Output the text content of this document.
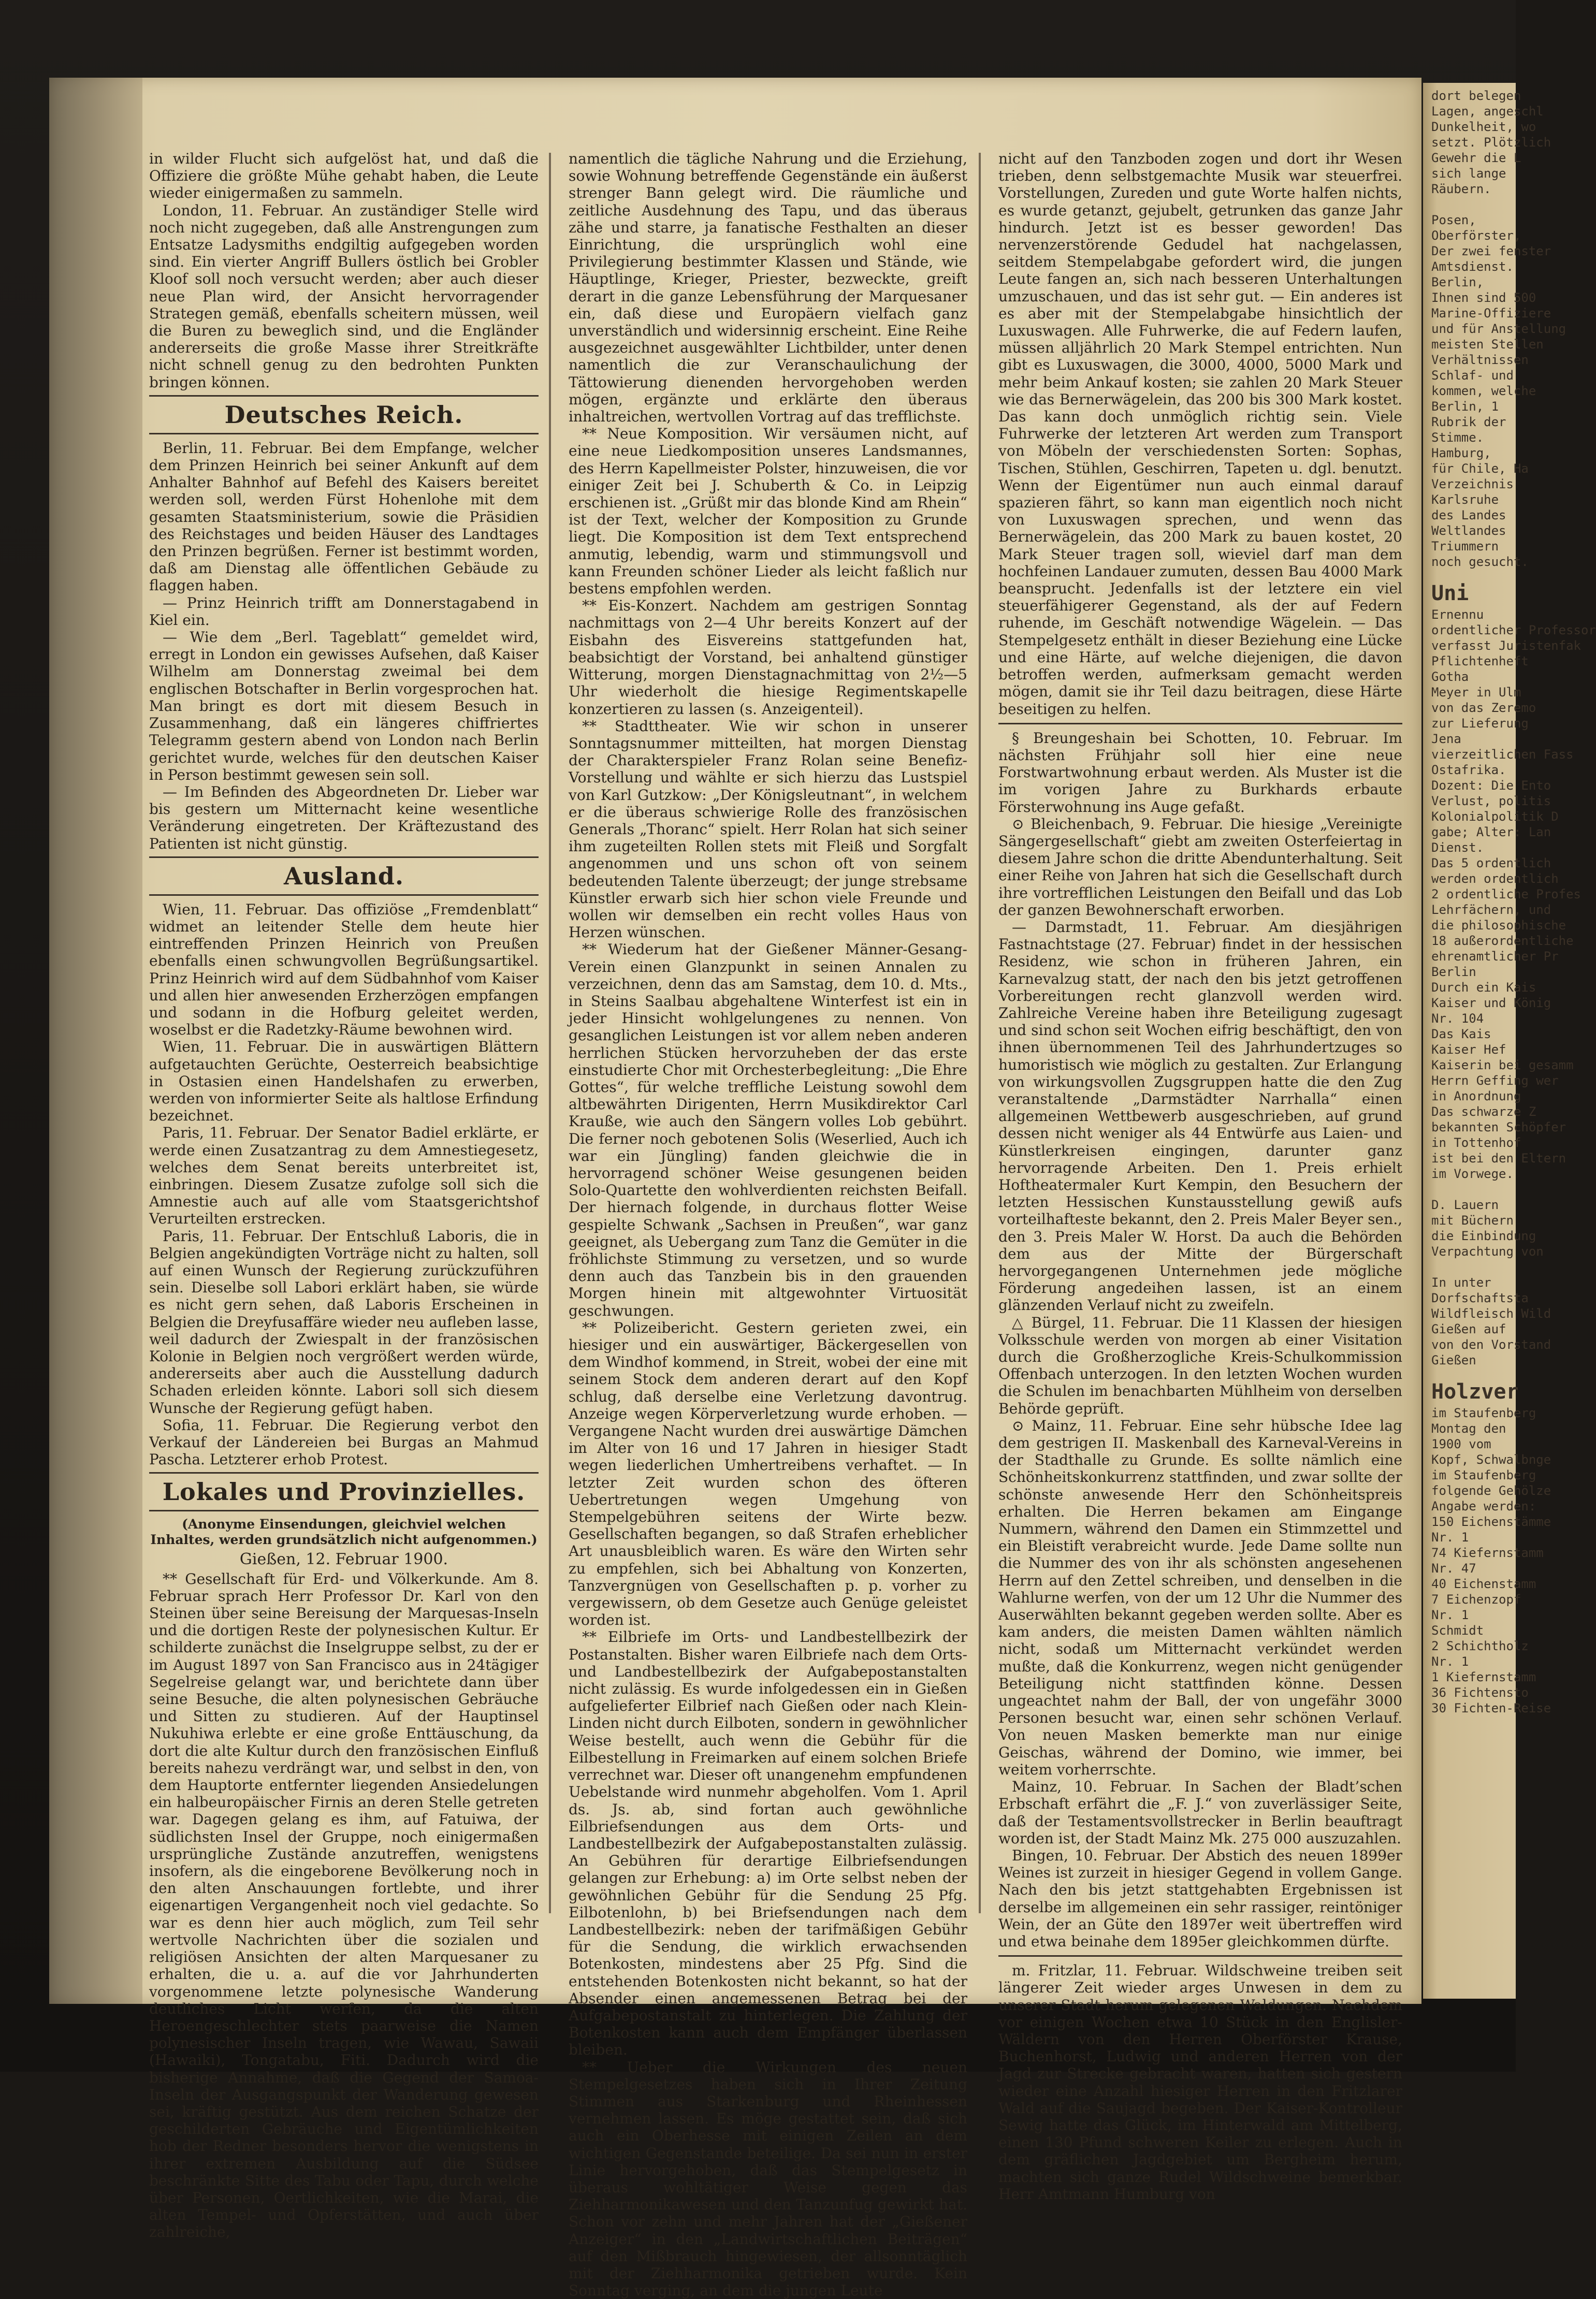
in wilder Flucht sich aufgelöst hat, und daß die Offiziere die größte Mühe gehabt haben, die Leute wieder einigermaßen zu sammeln.

London, 11. Februar. An zuständiger Stelle wird noch nicht zugegeben, daß alle Anstrengungen zum Entsatze Ladysmiths endgiltig aufgegeben worden sind. Ein vierter Angriff Bullers östlich bei Grobler Kloof soll noch versucht werden; aber auch dieser neue Plan wird, der Ansicht hervorragender Strategen gemäß, ebenfalls scheitern müssen, weil die Buren zu beweglich sind, und die Engländer andererseits die große Masse ihrer Streitkräfte nicht schnell genug zu den bedrohten Punkten bringen können.

Deutsches Reich.

Berlin, 11. Februar. Bei dem Empfange, welcher dem Prinzen Heinrich bei seiner Ankunft auf dem Anhalter Bahnhof auf Befehl des Kaisers bereitet werden soll, werden Fürst Hohenlohe mit dem gesamten Staatsministerium, sowie die Präsidien des Reichstages und beiden Häuser des Landtages den Prinzen begrüßen. Ferner ist bestimmt worden, daß am Dienstag alle öffentlichen Gebäude zu flaggen haben.

— Prinz Heinrich trifft am Donnerstagabend in Kiel ein.

— Wie dem „Berl. Tageblatt“ gemeldet wird, erregt in London ein gewisses Aufsehen, daß Kaiser Wilhelm am Donnerstag zweimal bei dem englischen Botschafter in Berlin vorgesprochen hat. Man bringt es dort mit diesem Besuch in Zusammenhang, daß ein längeres chiffriertes Telegramm gestern abend von London nach Berlin gerichtet wurde, welches für den deutschen Kaiser in Person bestimmt gewesen sein soll.

— Im Befinden des Abgeordneten Dr. Lieber war bis gestern um Mitternacht keine wesentliche Veränderung eingetreten. Der Kräftezustand des Patienten ist nicht günstig.

Ausland.

Wien, 11. Februar. Das offiziöse „Fremdenblatt“ widmet an leitender Stelle dem heute hier eintreffenden Prinzen Heinrich von Preußen ebenfalls einen schwungvollen Begrüßungsartikel. Prinz Heinrich wird auf dem Südbahnhof vom Kaiser und allen hier anwesenden Erzherzögen empfangen und sodann in die Hofburg geleitet werden, woselbst er die Radetzky-Räume bewohnen wird.

Wien, 11. Februar. Die in auswärtigen Blättern aufgetauchten Gerüchte, Oesterreich beabsichtige in Ostasien einen Handelshafen zu erwerben, werden von informierter Seite als haltlose Erfindung bezeichnet.

Paris, 11. Februar. Der Senator Badiel erklärte, er werde einen Zusatzantrag zu dem Amnestiegesetz, welches dem Senat bereits unterbreitet ist, einbringen. Diesem Zusatze zufolge soll sich die Amnestie auch auf alle vom Staatsgerichtshof Verurteilten erstrecken.

Paris, 11. Februar. Der Entschluß Laboris, die in Belgien angekündigten Vorträge nicht zu halten, soll auf einen Wunsch der Regierung zurückzuführen sein. Dieselbe soll Labori erklärt haben, sie würde es nicht gern sehen, daß Laboris Erscheinen in Belgien die Dreyfusaffäre wieder neu aufleben lasse, weil dadurch der Zwiespalt in der französischen Kolonie in Belgien noch vergrößert werden würde, andererseits aber auch die Ausstellung dadurch Schaden erleiden könnte. Labori soll sich diesem Wunsche der Regierung gefügt haben.

Sofia, 11. Februar. Die Regierung verbot den Verkauf der Ländereien bei Burgas an Mahmud Pascha. Letzterer erhob Protest.

Lokales und Provinzielles.
(Anonyme Einsendungen, gleichviel welchen Inhaltes, werden grundsätzlich nicht aufgenommen.)
Gießen, 12. Februar 1900.

** Gesellschaft für Erd- und Völkerkunde. Am 8. Februar sprach Herr Professor Dr. Karl von den Steinen über seine Bereisung der Marquesas-Inseln und die dortigen Reste der polynesischen Kultur. Er schilderte zunächst die Inselgruppe selbst, zu der er im August 1897 von San Francisco aus in 24tägiger Segelreise gelangt war, und berichtete dann über seine Besuche, die alten polynesischen Gebräuche und Sitten zu studieren. Auf der Hauptinsel Nukuhiwa erlebte er eine große Enttäuschung, da dort die alte Kultur durch den französischen Einfluß bereits nahezu verdrängt war, und selbst in den, von dem Hauptorte entfernter liegenden Ansiedelungen ein halbeuropäischer Firnis an deren Stelle getreten war. Dagegen gelang es ihm, auf Fatuiwa, der südlichsten Insel der Gruppe, noch einigermaßen ursprüngliche Zustände anzutreffen, wenigstens insofern, als die eingeborene Bevölkerung noch in den alten Anschauungen fortlebte, und ihrer eigenartigen Vergangenheit noch viel gedachte. So war es denn hier auch möglich, zum Teil sehr wertvolle Nachrichten über die sozialen und religiösen Ansichten der alten Marquesaner zu erhalten, die u. a. auf die vor Jahrhunderten vorgenommene letzte polynesische Wanderung deutliches Licht werfen, da die alten Heroengeschlechter stets paarweise die Namen polynesischer Inseln tragen, wie Wawau, Sawaii (Hawaiki), Tongatabu, Fiti. Dadurch wird die bisherige Annahme, daß die Gegend der Samoa-Inseln der Ausgangspunkt der Wanderung gewesen sei, kräftig gestützt. Aus dem reichen Schatze der geschilderten Gebräuche und Eigentümlichkeiten hob der Redner besonders hervor die wenigstens in ihrer extremen Ausbildung auf die Südsee beschränkte Sitte des Tabu oder Tapu, durch welche über Personen, Oertlichkeiten, wie die Marai, die alten Tempel- und Opferstätten, und auch über zahlreiche,

namentlich die tägliche Nahrung und die Erziehung, sowie Wohnung betreffende Gegenstände ein äußerst strenger Bann gelegt wird. Die räumliche und zeitliche Ausdehnung des Tapu, und das überaus zähe und starre, ja fanatische Festhalten an dieser Einrichtung, die ursprünglich wohl eine Privilegierung bestimmter Klassen und Stände, wie Häuptlinge, Krieger, Priester, bezweckte, greift derart in die ganze Lebensführung der Marquesaner ein, daß diese und Europäern vielfach ganz unverständlich und widersinnig erscheint. Eine Reihe ausgezeichnet ausgewählter Lichtbilder, unter denen namentlich die zur Veranschaulichung der Tättowierung dienenden hervorgehoben werden mögen, ergänzte und erklärte den überaus inhaltreichen, wertvollen Vortrag auf das trefflichste.

** Neue Komposition. Wir versäumen nicht, auf eine neue Liedkomposition unseres Landsmannes, des Herrn Kapellmeister Polster, hinzuweisen, die vor einiger Zeit bei J. Schuberth & Co. in Leipzig erschienen ist. „Grüßt mir das blonde Kind am Rhein“ ist der Text, welcher der Komposition zu Grunde liegt. Die Komposition ist dem Text entsprechend anmutig, lebendig, warm und stimmungsvoll und kann Freunden schöner Lieder als leicht faßlich nur bestens empfohlen werden.

** Eis-Konzert. Nachdem am gestrigen Sonntag nachmittags von 2—4 Uhr bereits Konzert auf der Eisbahn des Eisvereins stattgefunden hat, beabsichtigt der Vorstand, bei anhaltend günstiger Witterung, morgen Dienstagnachmittag von 2½—5 Uhr wiederholt die hiesige Regimentskapelle konzertieren zu lassen (s. Anzeigenteil).

** Stadttheater. Wie wir schon in unserer Sonntagsnummer mitteilten, hat morgen Dienstag der Charakterspieler Franz Rolan seine Benefiz-Vorstellung und wählte er sich hierzu das Lustspiel von Karl Gutzkow: „Der Königsleutnant“, in welchem er die überaus schwierige Rolle des französischen Generals „Thoranc“ spielt. Herr Rolan hat sich seiner ihm zugeteilten Rollen stets mit Fleiß und Sorgfalt angenommen und uns schon oft von seinem bedeutenden Talente überzeugt; der junge strebsame Künstler erwarb sich hier schon viele Freunde und wollen wir demselben ein recht volles Haus von Herzen wünschen.

** Wiederum hat der Gießener Männer-Gesang-Verein einen Glanzpunkt in seinen Annalen zu verzeichnen, denn das am Samstag, dem 10. d. Mts., in Steins Saalbau abgehaltene Winterfest ist ein in jeder Hinsicht wohlgelungenes zu nennen. Von gesanglichen Leistungen ist vor allem neben anderen herrlichen Stücken hervorzuheben der das erste einstudierte Chor mit Orchesterbegleitung: „Die Ehre Gottes“, für welche treffliche Leistung sowohl dem altbewährten Dirigenten, Herrn Musikdirektor Carl Krauße, wie auch den Sängern volles Lob gebührt. Die ferner noch gebotenen Solis (Weserlied, Auch ich war ein Jüngling) fanden gleichwie die in hervorragend schöner Weise gesungenen beiden Solo-Quartette den wohlverdienten reichsten Beifall. Der hiernach folgende, in durchaus flotter Weise gespielte Schwank „Sachsen in Preußen“, war ganz geeignet, als Uebergang zum Tanz die Gemüter in die fröhlichste Stimmung zu versetzen, und so wurde denn auch das Tanzbein bis in den grauenden Morgen hinein mit altgewohnter Virtuosität geschwungen.

** Polizeibericht. Gestern gerieten zwei, ein hiesiger und ein auswärtiger, Bäckergesellen von dem Windhof kommend, in Streit, wobei der eine mit seinem Stock dem anderen derart auf den Kopf schlug, daß derselbe eine Verletzung davontrug. Anzeige wegen Körperverletzung wurde erhoben. — Vergangene Nacht wurden drei auswärtige Dämchen im Alter von 16 und 17 Jahren in hiesiger Stadt wegen liederlichen Umhertreibens verhaftet. — In letzter Zeit wurden schon des öfteren Uebertretungen wegen Umgehung von Stempelgebühren seitens der Wirte bezw. Gesellschaften begangen, so daß Strafen erheblicher Art unausbleiblich waren. Es wäre den Wirten sehr zu empfehlen, sich bei Abhaltung von Konzerten, Tanzvergnügen von Gesellschaften p. p. vorher zu vergewissern, ob dem Gesetze auch Genüge geleistet worden ist.

** Eilbriefe im Orts- und Landbestellbezirk der Postanstalten. Bisher waren Eilbriefe nach dem Orts- und Landbestellbezirk der Aufgabepostanstalten nicht zulässig. Es wurde infolgedessen ein in Gießen aufgelieferter Eilbrief nach Gießen oder nach Klein-Linden nicht durch Eilboten, sondern in gewöhnlicher Weise bestellt, auch wenn die Gebühr für die Eilbestellung in Freimarken auf einem solchen Briefe verrechnet war. Dieser oft unangenehm empfundenen Uebelstande wird nunmehr abgeholfen. Vom 1. April ds. Js. ab, sind fortan auch gewöhnliche Eilbriefsendungen aus dem Orts- und Landbestellbezirk der Aufgabepostanstalten zulässig. An Gebühren für derartige Eilbriefsendungen gelangen zur Erhebung: a) im Orte selbst neben der gewöhnlichen Gebühr für die Sendung 25 Pfg. Eilbotenlohn, b) bei Briefsendungen nach dem Landbestellbezirk: neben der tarifmäßigen Gebühr für die Sendung, die wirklich erwachsenden Botenkosten, mindestens aber 25 Pfg. Sind die entstehenden Botenkosten nicht bekannt, so hat der Absender einen angemessenen Betrag bei der Aufgabepostanstalt zu hinterlegen. Die Zahlung der Botenkosten kann auch dem Empfänger überlassen bleiben.

** Ueber die Wirkungen des neuen Stempelgesetzes haben sich in Ihrer Zeitung Stimmen aus Starkenburg und Rheinhessen vernehmen lassen. Es möge gestattet sein, daß sich auch ein Oberhesse mit einigen Zeilen an dem wichtigen Gegenstande beteilige. Da sei nun in erster Linie hervorgehoben, daß das Stempelgesetz in überaus wohltätiger Weise gegen das Ziehharmonikawesen und den Tanzunfug gewirkt hat. Schon vor zehn und mehr Jahren hat der „Gießener Anzeiger“ in den „Landwirtschaftlichen Beiträgen“ auf den Mißbrauch hingewiesen, der allsonntäglich mit der Ziehharmonika getrieben wurde. Kein Sonntag verging, an dem die jungen Leute

nicht auf den Tanzboden zogen und dort ihr Wesen trieben, denn selbstgemachte Musik war steuerfrei. Vorstellungen, Zureden und gute Worte halfen nichts, es wurde getanzt, gejubelt, getrunken das ganze Jahr hindurch. Jetzt ist es besser geworden! Das nervenzerstörende Gedudel hat nachgelassen, seitdem Stempelabgabe gefordert wird, die jungen Leute fangen an, sich nach besseren Unterhaltungen umzuschauen, und das ist sehr gut. — Ein anderes ist es aber mit der Stempelabgabe hinsichtlich der Luxuswagen. Alle Fuhrwerke, die auf Federn laufen, müssen alljährlich 20 Mark Stempel entrichten. Nun gibt es Luxuswagen, die 3000, 4000, 5000 Mark und mehr beim Ankauf kosten; sie zahlen 20 Mark Steuer wie das Bernerwägelein, das 200 bis 300 Mark kostet. Das kann doch unmöglich richtig sein. Viele Fuhrwerke der letzteren Art werden zum Transport von Möbeln der verschiedensten Sorten: Sophas, Tischen, Stühlen, Geschirren, Tapeten u. dgl. benutzt. Wenn der Eigentümer nun auch einmal darauf spazieren fährt, so kann man eigentlich noch nicht von Luxuswagen sprechen, und wenn das Bernerwägelein, das 200 Mark zu bauen kostet, 20 Mark Steuer tragen soll, wieviel darf man dem hochfeinen Landauer zumuten, dessen Bau 4000 Mark beansprucht. Jedenfalls ist der letztere ein viel steuerfähigerer Gegenstand, als der auf Federn ruhende, im Geschäft notwendige Wägelein. — Das Stempelgesetz enthält in dieser Beziehung eine Lücke und eine Härte, auf welche diejenigen, die davon betroffen werden, aufmerksam gemacht werden mögen, damit sie ihr Teil dazu beitragen, diese Härte beseitigen zu helfen.

§ Breungeshain bei Schotten, 10. Februar. Im nächsten Frühjahr soll hier eine neue Forstwartwohnung erbaut werden. Als Muster ist die im vorigen Jahre zu Burkhards erbaute Försterwohnung ins Auge gefaßt.

⊙ Bleichenbach, 9. Februar. Die hiesige „Vereinigte Sängergesellschaft“ giebt am zweiten Osterfeiertag in diesem Jahre schon die dritte Abendunterhaltung. Seit einer Reihe von Jahren hat sich die Gesellschaft durch ihre vortrefflichen Leistungen den Beifall und das Lob der ganzen Bewohnerschaft erworben.

— Darmstadt, 11. Februar. Am diesjährigen Fastnachtstage (27. Februar) findet in der hessischen Residenz, wie schon in früheren Jahren, ein Karnevalzug statt, der nach den bis jetzt getroffenen Vorbereitungen recht glanzvoll werden wird. Zahlreiche Vereine haben ihre Beteiligung zugesagt und sind schon seit Wochen eifrig beschäftigt, den von ihnen übernommenen Teil des Jahrhundertzuges so humoristisch wie möglich zu gestalten. Zur Erlangung von wirkungsvollen Zugsgruppen hatte die den Zug veranstaltende „Darmstädter Narrhalla“ einen allgemeinen Wettbewerb ausgeschrieben, auf grund dessen nicht weniger als 44 Entwürfe aus Laien- und Künstlerkreisen eingingen, darunter ganz hervorragende Arbeiten. Den 1. Preis erhielt Hoftheatermaler Kurt Kempin, den Besuchern der letzten Hessischen Kunstausstellung gewiß aufs vorteilhafteste bekannt, den 2. Preis Maler Beyer sen., den 3. Preis Maler W. Horst. Da auch die Behörden dem aus der Mitte der Bürgerschaft hervorgegangenen Unternehmen jede mögliche Förderung angedeihen lassen, ist an einem glänzenden Verlauf nicht zu zweifeln.

△ Bürgel, 11. Februar. Die 11 Klassen der hiesigen Volksschule werden von morgen ab einer Visitation durch die Großherzogliche Kreis-Schulkommission Offenbach unterzogen. In den letzten Wochen wurden die Schulen im benachbarten Mühlheim von derselben Behörde geprüft.

⊙ Mainz, 11. Februar. Eine sehr hübsche Idee lag dem gestrigen II. Maskenball des Karneval-Vereins in der Stadthalle zu Grunde. Es sollte nämlich eine Schönheitskonkurrenz stattfinden, und zwar sollte der schönste anwesende Herr den Schönheitspreis erhalten. Die Herren bekamen am Eingange Nummern, während den Damen ein Stimmzettel und ein Bleistift verabreicht wurde. Jede Dame sollte nun die Nummer des von ihr als schönsten angesehenen Herrn auf den Zettel schreiben, und denselben in die Wahlurne werfen, von der um 12 Uhr die Nummer des Auserwählten bekannt gegeben werden sollte. Aber es kam anders, die meisten Damen wählten nämlich nicht, sodaß um Mitternacht verkündet werden mußte, daß die Konkurrenz, wegen nicht genügender Beteiligung nicht stattfinden könne. Dessen ungeachtet nahm der Ball, der von ungefähr 3000 Personen besucht war, einen sehr schönen Verlauf. Von neuen Masken bemerkte man nur einige Geischas, während der Domino, wie immer, bei weitem vorherrschte.

Mainz, 10. Februar. In Sachen der Bladt’schen Erbschaft erfährt die „F. J.“ von zuverlässiger Seite, daß der Testamentsvollstrecker in Berlin beauftragt worden ist, der Stadt Mainz Mk. 275 000 auszuzahlen.

Bingen, 10. Februar. Der Abstich des neuen 1899er Weines ist zurzeit in hiesiger Gegend in vollem Gange. Nach den bis jetzt stattgehabten Ergebnissen ist derselbe im allgemeinen ein sehr rassiger, reintöniger Wein, der an Güte den 1897er weit übertreffen wird und etwa beinahe dem 1895er gleichkommen dürfte.

m. Fritzlar, 11. Februar. Wildschweine treiben seit längerer Zeit wieder arges Unwesen in dem zu unserer Stadt herum gelegenen Waldungen. Nachdem vor einigen Wochen etwa 10 Stück in den Englisler-Wäldern von den Herren Oberförster Krause, Buchenhorst, Ludwig und anderen Herren von der Jagd zur Strecke gebracht waren, hatten sich gestern wieder eine Anzahl hiesiger Herren in den Fritzlarer Wald auf die Saujagd begeben. Der Kaiser-Kontrolleur Sewig hatte das Glück, im Hinterwald am Mittelberg, einen 130 Pfund schweren Keiler zu erlegen. Auch in dem gräflichen Jagdgebiet um Bergheim herum, machten sich ganze Rudel Wildschweine bemerkbar. Herr Amtmann Humburg von

dort belegen
Lagen, angeschl
Dunkelheit, wo
setzt. Plötzlich
Gewehr die L
sich lange
Räubern.

Posen,
Oberförster,
Der zwei fenster
Amtsdienst.
Berlin,
Ihnen sind 500
Marine-Offiziere
und für Anstellung
meisten Stellen
Verhältnissen
Schlaf- und
kommen, welche
Berlin, 1
Rubrik der
Stimme.
Hamburg,
für Chile, Ha
Verzeichnis
Karlsruhe
des Landes
Weltlandes
Triummern
noch gesucht.
Uni
Ernennu
ordentlicher Professor
verfasst Juristenfak
Pflichtenheft
Gotha
Meyer in Ulm
von das Zeremo
zur Lieferung
Jena
vierzeitlichen Fass
Ostafrika.
Dozent: Die Ento
Verlust, politis
Kolonialpolitik D
gabe; Alter: Lan
Dienst.
Das 5 ordentlich
werden ordentlich
2 ordentliche Profes
Lehrfächern, und
die philosophische
18 außerordentliche
ehrenamtlicher Pr
Berlin
Durch ein Kais
Kaiser und König
Nr. 104
Das Kais
Kaiser Hef
Kaiserin bei gesamm
Herrn Geffing wer
in Anordnung
Das schwarze Z
bekannten Schöpfer
in Tottenhof
ist bei den Eltern
im Vorwege.

D. Lauern
mit Büchern
die Einbindung
Verpachtung von

In unter
Dorfschaftsta
Wildfleisch Wild
Gießen auf
von den Vorstand
Gießen
Holzver
im Staufenberg
Montag den
1900 vom
Kopf, Schwalbnge
im Staufenberg
folgende Gehölze
Angabe werden:
150 Eichenstämme
Nr. 1
74 Kiefernstamm
Nr. 47
40 Eichenstamm
7 Eichenzopf
Nr. 1
Schmidt
2 Schichtholz
Nr. 1
1 Kiefernstamm
36 Fichtensto
30 Fichten-Reise
